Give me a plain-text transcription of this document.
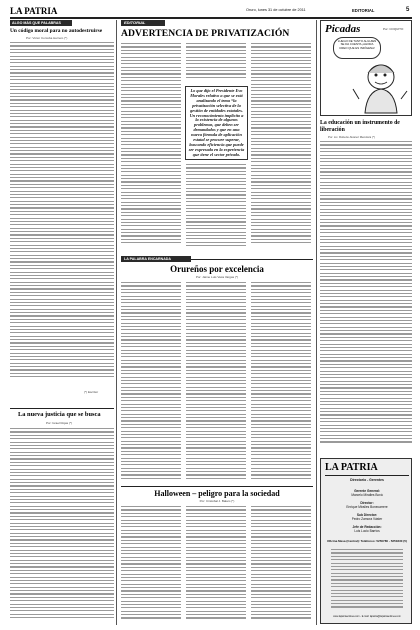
LA PATRIA	Oruro, lunes 31 de octubre de 2011	EDITORIAL	5
ALGO MÁS QUE PALABRAS
Un código moral para no autodestruirse
Por: Víctor Corcoba Herrero (*)
(*) Escritor
La nueva justicia que se busca
Por: Israel Rojas (*)
EDITORIAL
ADVERTENCIA DE PRIVATIZACIÓN
Lo que dijo el Presidente Evo Morales relativo a que se está analizando el tema “la privatización selectiva de la gestión de entidades estatales. Un reconocimiento implícito a la existencia de algunos problemas, que deben ser demandados y que en una nueva fórmula de aplicación estatal se procure superar, buscando eficiencia que puede ser expresada en la experiencia que tiene el sector privado.
LA PALABRA ENCARNADA
Orureños por excelencia
Por: Jaime Luis Vaca Vargas (*)
Halloween – peligro para la sociedad
Por: Cristóbal J. Balam (*)
Picadas	Por: COQUITO
LUEGO DE TANTO ALGUIEN SE DA CUENTA ¡AHORA CREO QUE ES INDÍGENA!
La educación un instrumento de liberación
Por: Lic. Roberto Alvarez Mendoza (*)
LA PATRIA
Directorio - Gerentes
Gerente General:
Marcelo Miralles Bová
Director:
Enrique Miralles Bonecarrere
Sub Director:
Pedro Zamora Váster
Jefe de Redacción:
Luis Lucio Barrios
Oficina Mesa (Central): Teléfonos: 5250780 - 5250330 (5)
www.lapatriaenlinea.com - E-mail: lapatria@lapatriaenlinea.com
